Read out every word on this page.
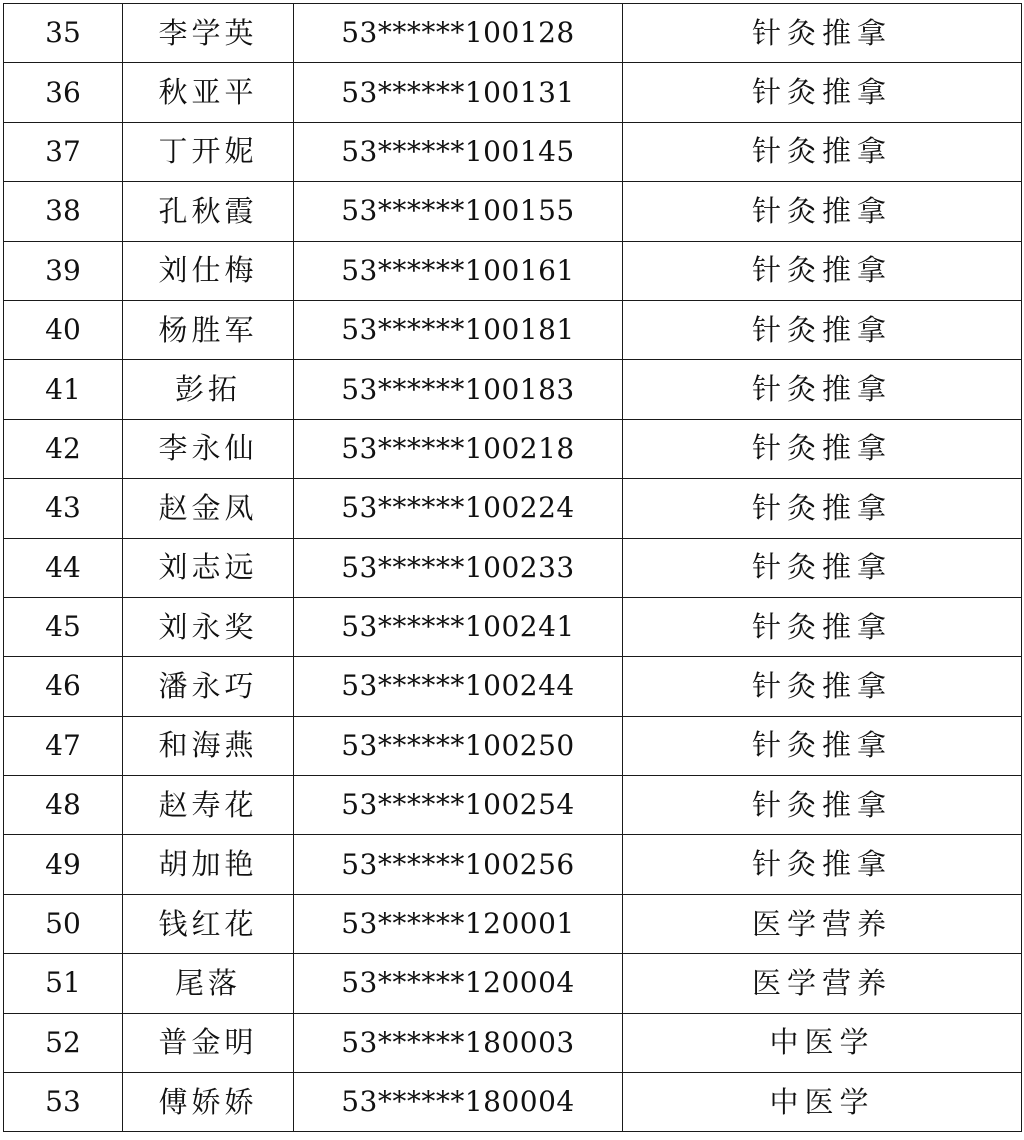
35	李学英	53******100128	针灸推拿
36	秋亚平	53******100131	针灸推拿
37	丁开妮	53******100145	针灸推拿
38	孔秋霞	53******100155	针灸推拿
39	刘仕梅	53******100161	针灸推拿
40	杨胜军	53******100181	针灸推拿
41	彭拓	53******100183	针灸推拿
42	李永仙	53******100218	针灸推拿
43	赵金凤	53******100224	针灸推拿
44	刘志远	53******100233	针灸推拿
45	刘永奖	53******100241	针灸推拿
46	潘永巧	53******100244	针灸推拿
47	和海燕	53******100250	针灸推拿
48	赵寿花	53******100254	针灸推拿
49	胡加艳	53******100256	针灸推拿
50	钱红花	53******120001	医学营养
51	尾落	53******120004	医学营养
52	普金明	53******180003	中医学
53	傅娇娇	53******180004	中医学
